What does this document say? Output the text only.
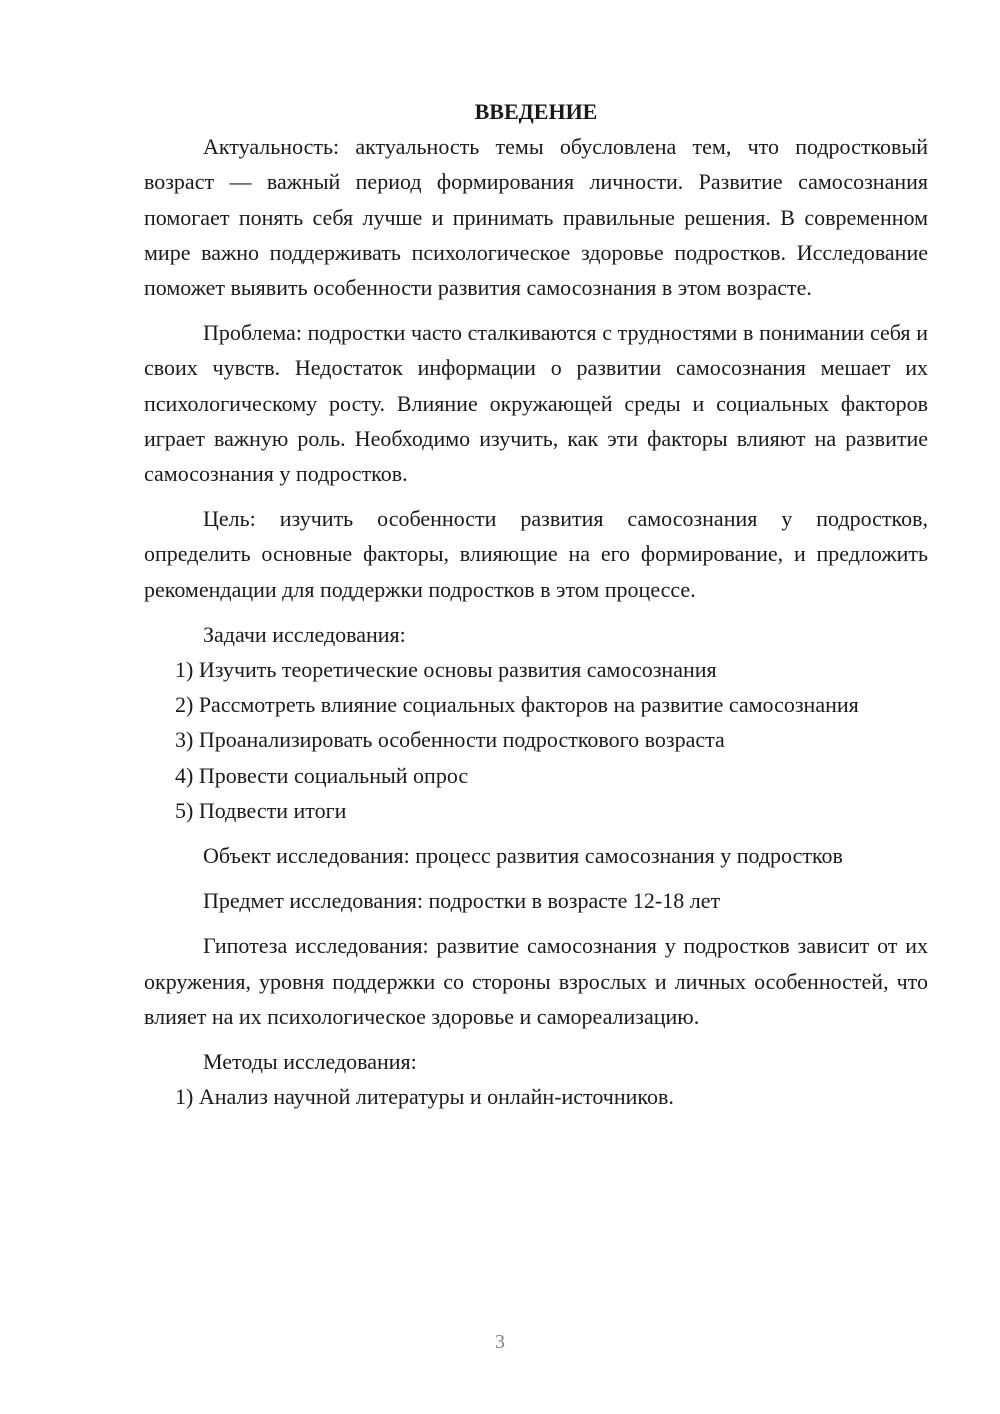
ВВЕДЕНИЕ

Актуальность: актуальность темы обусловлена тем, что подростковый возраст — важный период формирования личности. Развитие самосознания помогает понять себя лучше и принимать правильные решения. В современном мире важно поддерживать психологическое здоровье подростков. Исследование поможет выявить особенности развития самосознания в этом возрасте.

Проблема: подростки часто сталкиваются с трудностями в понимании себя и своих чувств. Недостаток информации о развитии самосознания мешает их психологическому росту. Влияние окружающей среды и социальных факторов играет важную роль. Необходимо изучить, как эти факторы влияют на развитие самосознания у подростков.

Цель: изучить особенности развития самосознания у подростков, определить основные факторы, влияющие на его формирование, и предложить рекомендации для поддержки подростков в этом процессе.

Задачи исследования:

1) Изучить теоретические основы развития самосознания

2) Рассмотреть влияние социальных факторов на развитие самосознания

3) Проанализировать особенности подросткового возраста

4) Провести социальный опрос

5) Подвести итоги

Объект исследования: процесс развития самосознания у подростков

Предмет исследования: подростки в возрасте 12-18 лет

Гипотеза исследования: развитие самосознания у подростков зависит от их окружения, уровня поддержки со стороны взрослых и личных особенностей, что влияет на их психологическое здоровье и самореализацию.

Методы исследования:

1) Анализ научной литературы и онлайн-источников.

3
